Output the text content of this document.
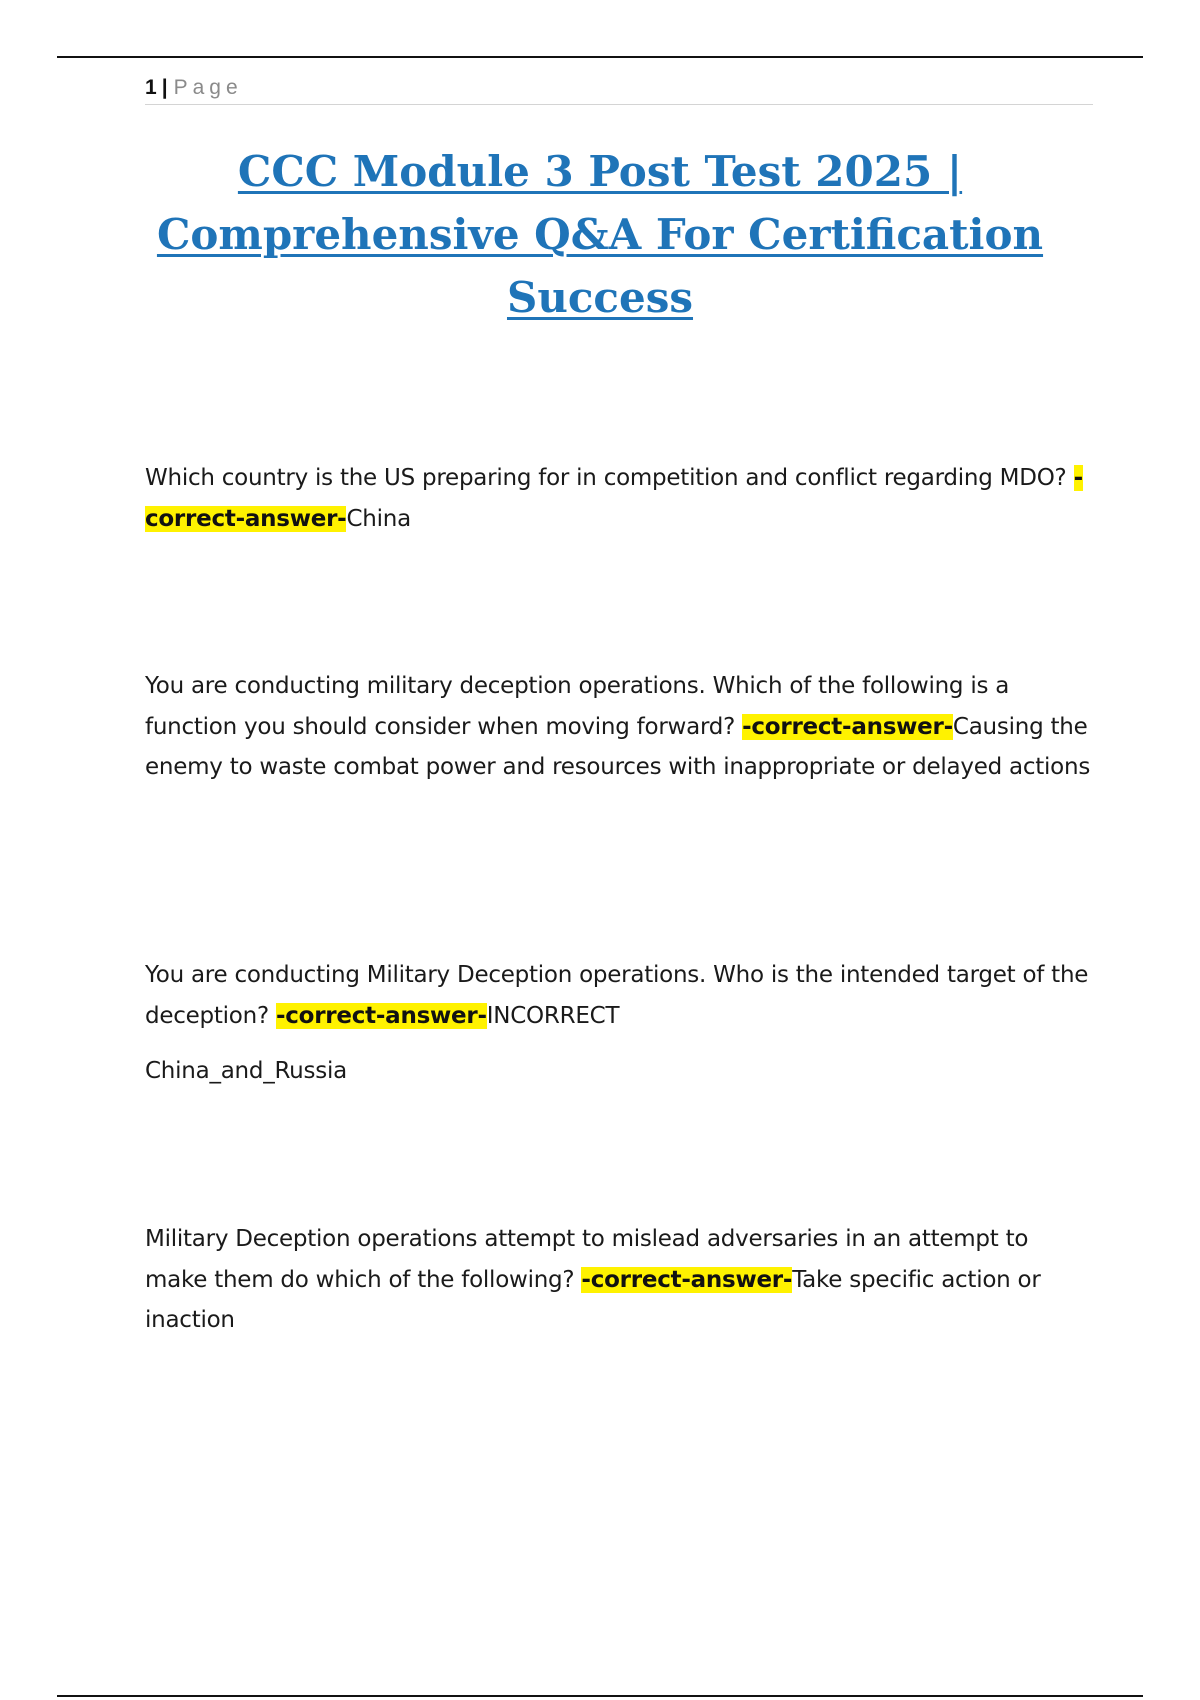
1 | Page
CCC Module 3 Post Test 2025 |
Comprehensive Q&A For Certification
Success

Which country is the US preparing for in competition and conflict regarding MDO? -correct-answer-China

You are conducting military deception operations. Which of the following is a function you should consider when moving forward? -correct-answer-Causing the enemy to waste combat power and resources with inappropriate or delayed actions

You are conducting Military Deception operations. Who is the intended target of the deception? -correct-answer-INCORRECT

China_and_Russia

Military Deception operations attempt to mislead adversaries in an attempt to make them do which of the following? -correct-answer-Take specific action or inaction
